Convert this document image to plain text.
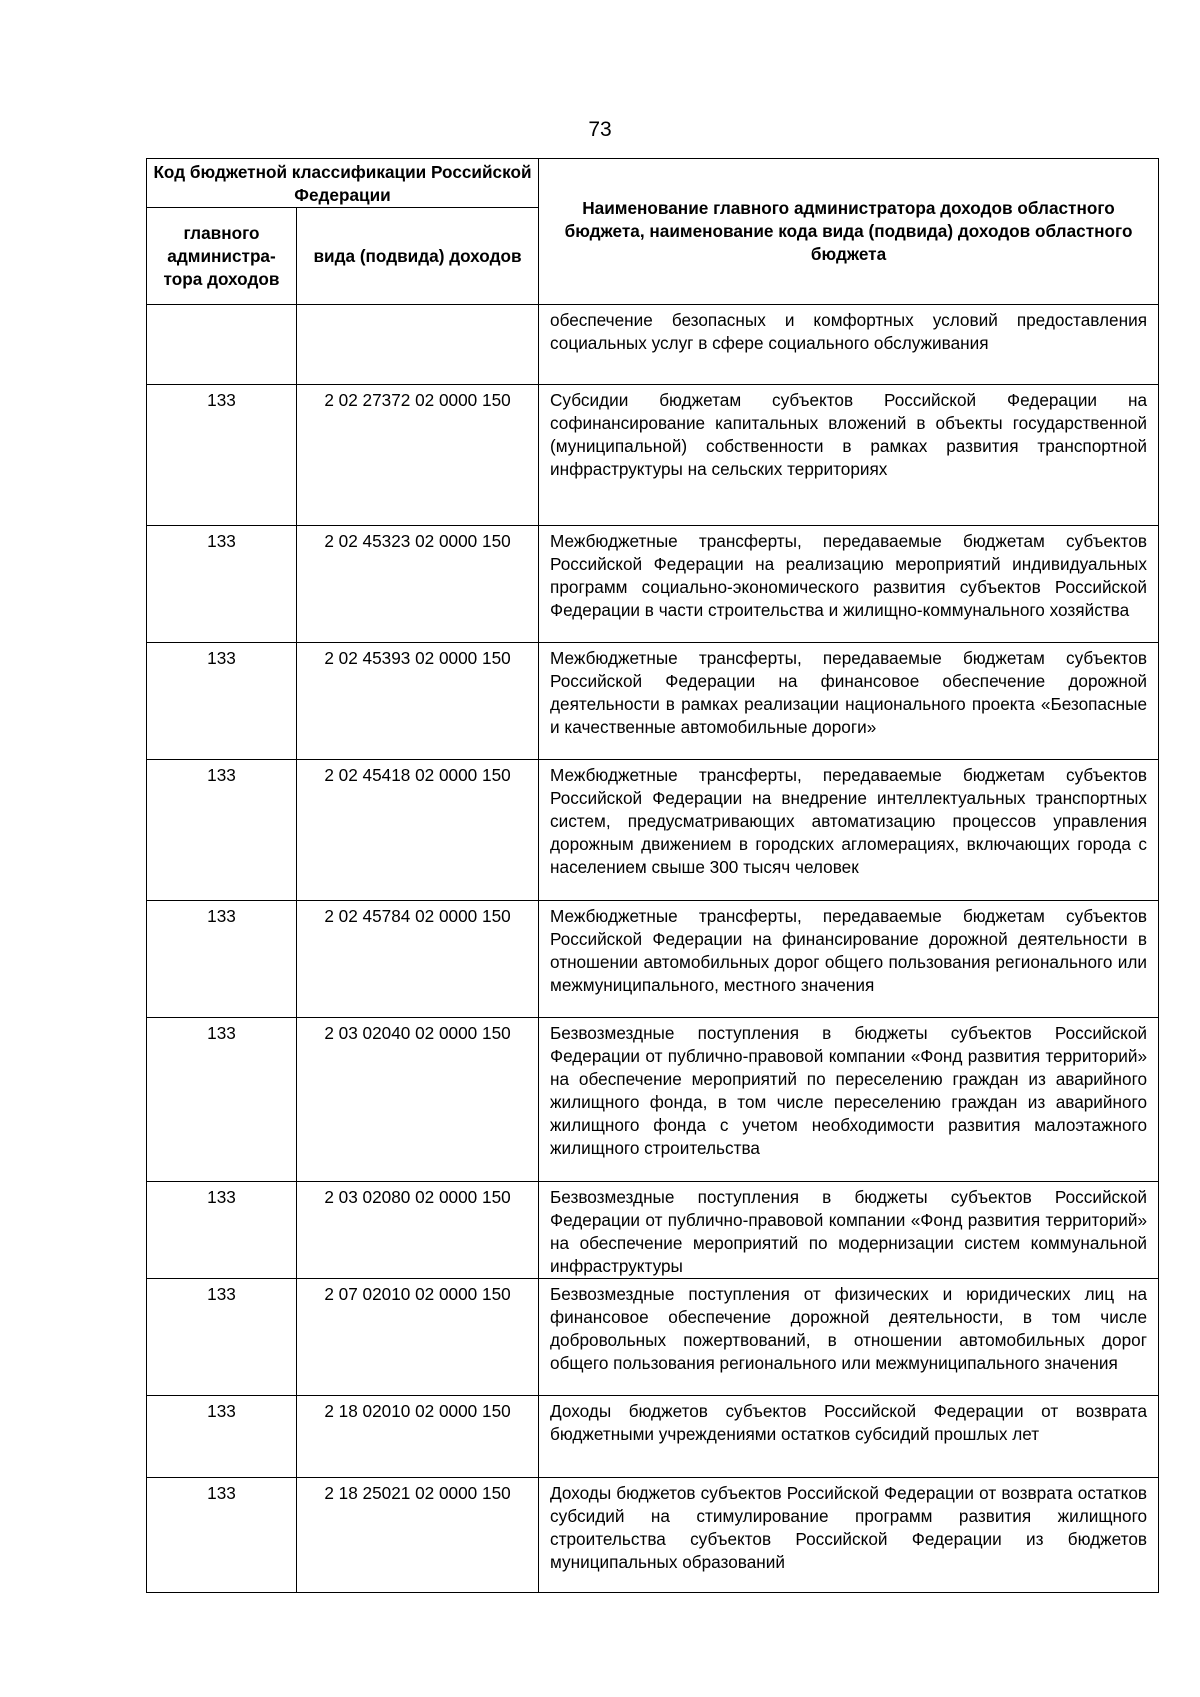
73
Код бюджетной классификации Российской Федерации		Наименование главного администратора доходов областного бюджета, наименование кода вида (подвида) доходов областного бюджета
главного администра-тора доходов	вида (подвида) доходов	
		обеспечение безопасных и комфортных условий предоставления социальных услуг в сфере социального обслуживания
133	2 02 27372 02 0000 150	Субсидии бюджетам субъектов Российской Федерации на софинансирование капитальных вложений в объекты государственной (муниципальной) собственности в рамках развития транспортной инфраструктуры на сельских территориях
133	2 02 45323 02 0000 150	Межбюджетные трансферты, передаваемые бюджетам субъектов Российской Федерации на реализацию мероприятий индивидуальных программ социально-экономического развития субъектов Российской Федерации в части строительства и жилищно-коммунального хозяйства
133	2 02 45393 02 0000 150	Межбюджетные трансферты, передаваемые бюджетам субъектов Российской Федерации на финансовое обеспечение дорожной деятельности в рамках реализации национального проекта «Безопасные и качественные автомобильные дороги»
133	2 02 45418 02 0000 150	Межбюджетные трансферты, передаваемые бюджетам субъектов Российской Федерации на внедрение интеллектуальных транспортных систем, предусматривающих автоматизацию процессов управления дорожным движением в городских агломерациях, включающих города с населением свыше 300 тысяч человек
133	2 02 45784 02 0000 150	Межбюджетные трансферты, передаваемые бюджетам субъектов Российской Федерации на финансирование дорожной деятельности в отношении автомобильных дорог общего пользования регионального или межмуниципального, местного значения
133	2 03 02040 02 0000 150	Безвозмездные поступления в бюджеты субъектов Российской Федерации от публично-правовой компании «Фонд развития территорий» на обеспечение мероприятий по переселению граждан из аварийного жилищного фонда, в том числе переселению граждан из аварийного жилищного фонда с учетом необходимости развития малоэтажного жилищного строительства
133	2 03 02080 02 0000 150	Безвозмездные поступления в бюджеты субъектов Российской Федерации от публично-правовой компании «Фонд развития территорий» на обеспечение мероприятий по модернизации систем коммунальной инфраструктуры
133	2 07 02010 02 0000 150	Безвозмездные поступления от физических и юридических лиц на финансовое обеспечение дорожной деятельности, в том числе добровольных пожертвований, в отношении автомобильных дорог общего пользования регионального или межмуниципального значения
133	2 18 02010 02 0000 150	Доходы бюджетов субъектов Российской Федерации от возврата бюджетными учреждениями остатков субсидий прошлых лет
133	2 18 25021 02 0000 150	Доходы бюджетов субъектов Российской Федерации от возврата остатков субсидий на стимулирование программ развития жилищного строительства субъектов Российской Федерации из бюджетов муниципальных образований
